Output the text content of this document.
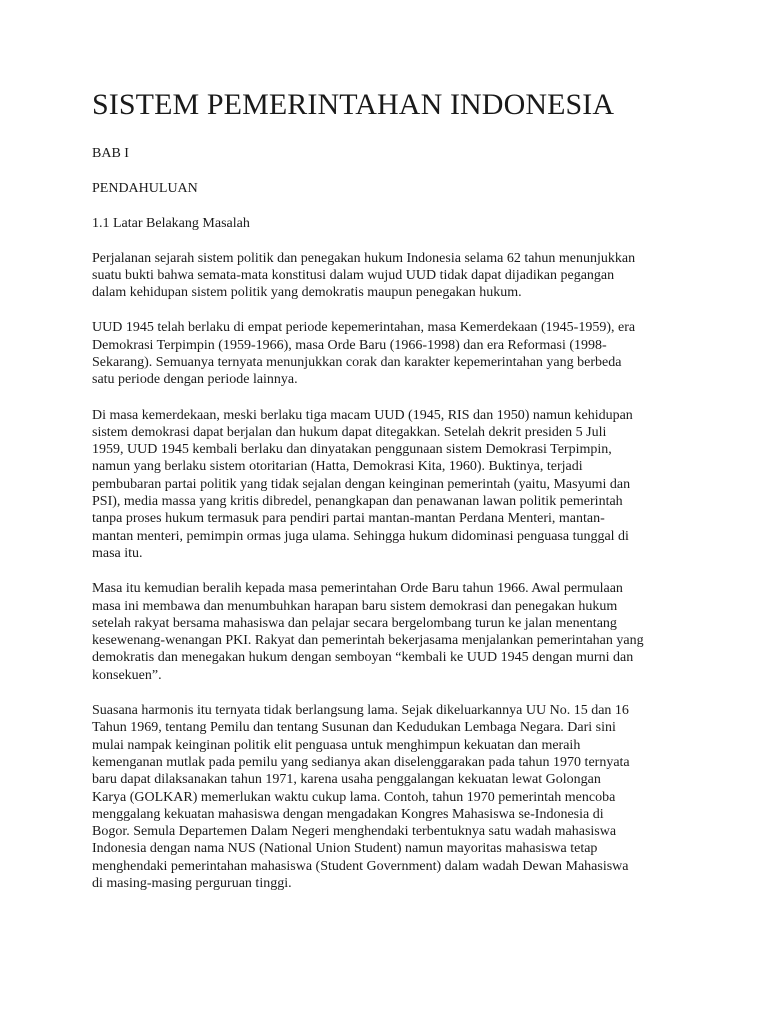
SISTEM PEMERINTAHAN INDONESIA
BAB I
PENDAHULUAN
1.1 Latar Belakang Masalah
Perjalanan sejarah sistem politik dan penegakan hukum Indonesia selama 62 tahun menunjukkan
suatu bukti bahwa semata-mata konstitusi dalam wujud UUD tidak dapat dijadikan pegangan
dalam kehidupan sistem politik yang demokratis maupun penegakan hukum.
UUD 1945 telah berlaku di empat periode kepemerintahan, masa Kemerdekaan (1945-1959), era
Demokrasi Terpimpin (1959-1966), masa Orde Baru (1966-1998) dan era Reformasi (1998-
Sekarang). Semuanya ternyata menunjukkan corak dan karakter kepemerintahan yang berbeda
satu periode dengan periode lainnya.
Di masa kemerdekaan, meski berlaku tiga macam UUD (1945, RIS dan 1950) namun kehidupan
sistem demokrasi dapat berjalan dan hukum dapat ditegakkan. Setelah dekrit presiden 5 Juli
1959, UUD 1945 kembali berlaku dan dinyatakan penggunaan sistem Demokrasi Terpimpin,
namun yang berlaku sistem otoritarian (Hatta, Demokrasi Kita, 1960). Buktinya, terjadi
pembubaran partai politik yang tidak sejalan dengan keinginan pemerintah (yaitu, Masyumi dan
PSI), media massa yang kritis dibredel, penangkapan dan penawanan lawan politik pemerintah
tanpa proses hukum termasuk para pendiri partai mantan-mantan Perdana Menteri, mantan-
mantan menteri, pemimpin ormas juga ulama. Sehingga hukum didominasi penguasa tunggal di
masa itu.
Masa itu kemudian beralih kepada masa pemerintahan Orde Baru tahun 1966. Awal permulaan
masa ini membawa dan menumbuhkan harapan baru sistem demokrasi dan penegakan hukum
setelah rakyat bersama mahasiswa dan pelajar secara bergelombang turun ke jalan menentang
kesewenang-wenangan PKI. Rakyat dan pemerintah bekerjasama menjalankan pemerintahan yang
demokratis dan menegakan hukum dengan semboyan “kembali ke UUD 1945 dengan murni dan
konsekuen”.
Suasana harmonis itu ternyata tidak berlangsung lama. Sejak dikeluarkannya UU No. 15 dan 16
Tahun 1969, tentang Pemilu dan tentang Susunan dan Kedudukan Lembaga Negara. Dari sini
mulai nampak keinginan politik elit penguasa untuk menghimpun kekuatan dan meraih
kemenganan mutlak pada pemilu yang sedianya akan diselenggarakan pada tahun 1970 ternyata
baru dapat dilaksanakan tahun 1971, karena usaha penggalangan kekuatan lewat Golongan
Karya (GOLKAR) memerlukan waktu cukup lama. Contoh, tahun 1970 pemerintah mencoba
menggalang kekuatan mahasiswa dengan mengadakan Kongres Mahasiswa se-Indonesia di
Bogor. Semula Departemen Dalam Negeri menghendaki terbentuknya satu wadah mahasiswa
Indonesia dengan nama NUS (National Union Student) namun mayoritas mahasiswa tetap
menghendaki pemerintahan mahasiswa (Student Government) dalam wadah Dewan Mahasiswa
di masing-masing perguruan tinggi.
